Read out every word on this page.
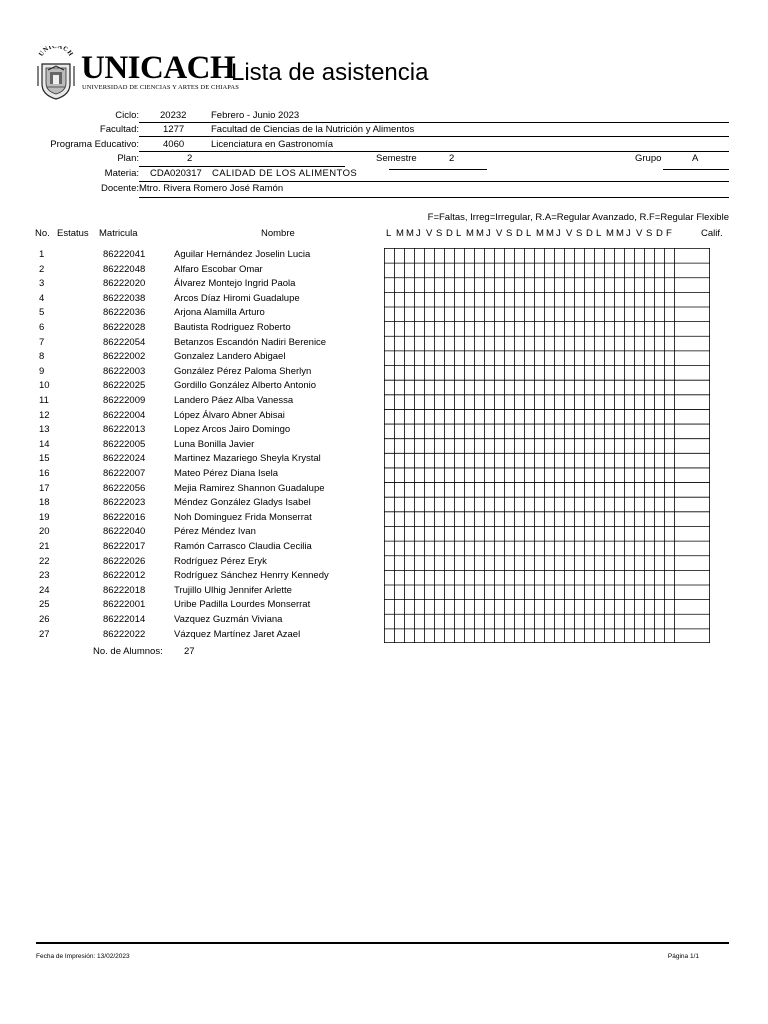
UNICACH UNICACH
UNIVERSIDAD DE CIENCIAS Y ARTES DE CHIAPAS
Lista de asistencia
Ciclo: 20232	Febrero - Junio 2023
Facultad:	1277	Facultad de Ciencias de la Nutrición y Alimentos
Programa Educativo:	4060	Licenciatura en Gastronomía
Plan:	2	Semestre	2	Grupo	A
Materia: CDA020317 CALIDAD DE LOS ALIMENTOS
Docente: Mtro. Rivera Romero José Ramón
F=Faltas, Irreg=Irregular, R.A=Regular Avanzado, R.F=Regular Flexible
No. Estatus Matricula	Nombre	L M M J V S D L M M J V S D L M M J V S D L M M J V S D F	Calif.
1	86222041	Aguilar Hernández Joselin Lucia
2	86222048	Alfaro Escobar Omar
3	86222020	Álvarez Montejo Ingrid Paola
4	86222038	Arcos Díaz Hiromi Guadalupe
5	86222036	Arjona Alamilla Arturo
6	86222028	Bautista Rodriguez Roberto
7	86222054	Betanzos Escandón Nadiri Berenice
8	86222002	Gonzalez Landero Abigael
9	86222003	González Pérez Paloma Sherlyn
10	86222025	Gordillo González Alberto Antonio
11	86222009	Landero Páez Alba Vanessa
12	86222004	López Álvaro Abner Abisai
13	86222013	Lopez Arcos Jairo Domingo
14	86222005	Luna Bonilla Javier
15	86222024	Martinez Mazariego Sheyla Krystal
16	86222007	Mateo Pérez Diana Isela
17	86222056	Mejia Ramirez Shannon Guadalupe
18	86222023	Méndez González Gladys Isabel
19	86222016	Noh Dominguez Frida Monserrat
20	86222040	Pérez Méndez Ivan
21	86222017	Ramón Carrasco Claudia Cecilia
22	86222026	Rodríguez Pérez Eryk
23	86222012	Rodríguez Sánchez Henrry Kennedy
24	86222018	Trujillo Ulhig Jennifer Arlette
25	86222001	Uribe Padilla Lourdes Monserrat
26	86222014	Vazquez Guzmán Viviana
27	86222022	Vázquez Martínez Jaret Azael
No. de Alumnos: 27
Fecha de Impresión: 13/02/2023	Página 1/1
